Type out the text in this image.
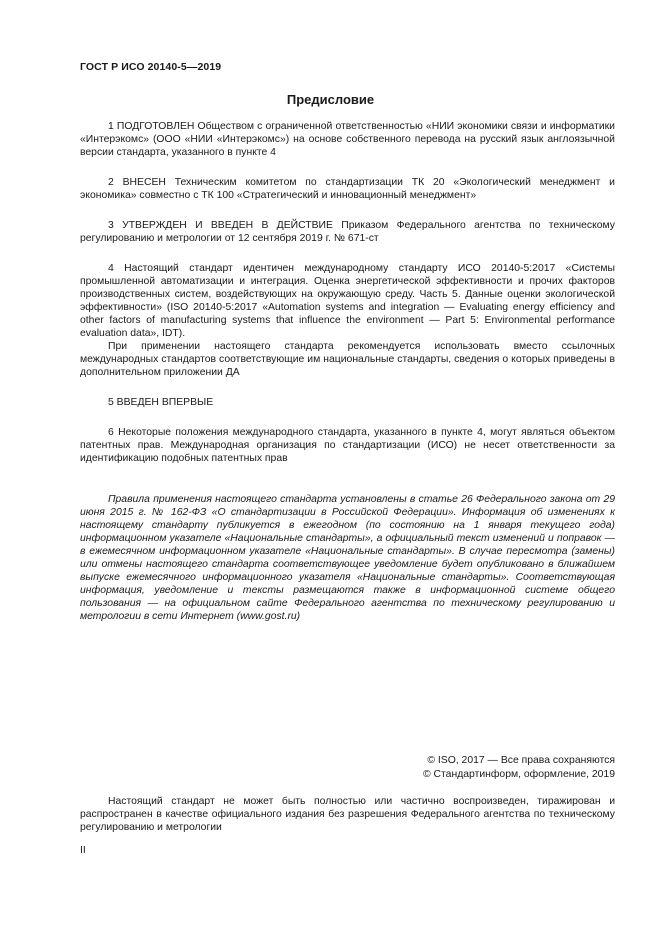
ГОСТ Р ИСО 20140-5—2019
Предисловие

1 ПОДГОТОВЛЕН Обществом с ограниченной ответственностью «НИИ экономики связи и информатики «Интерэкомс» (ООО «НИИ «Интерэкомс») на основе собственного перевода на русский язык англоязычной версии стандарта, указанного в пункте 4

2 ВНЕСЕН Техническим комитетом по стандартизации ТК 20 «Экологический менеджмент и экономика» совместно с ТК 100 «Стратегический и инновационный менеджмент»

3 УТВЕРЖДЕН И ВВЕДЕН В ДЕЙСТВИЕ Приказом Федерального агентства по техническому регулированию и метрологии от 12 сентября 2019 г. № 671-ст

4 Настоящий стандарт идентичен международному стандарту ИСО 20140-5:2017 «Системы промышленной автоматизации и интеграция. Оценка энергетической эффективности и прочих факторов производственных систем, воздействующих на окружающую среду. Часть 5. Данные оценки экологической эффективности» (ISO 20140-5:2017 «Automation systems and integration — Evaluating energy efficiency and other factors of manufacturing systems that influence the environment — Part 5: Environmental performance evaluation data», IDT).

При применении настоящего стандарта рекомендуется использовать вместо ссылочных международных стандартов соответствующие им национальные стандарты, сведения о которых приведены в дополнительном приложении ДА

5 ВВЕДЕН ВПЕРВЫЕ

6 Некоторые положения международного стандарта, указанного в пункте 4, могут являться объектом патентных прав. Международная организация по стандартизации (ИСО) не несет ответственности за идентификацию подобных патентных прав

Правила применения настоящего стандарта установлены в статье 26 Федерального закона от 29 июня 2015 г. № 162-ФЗ «О стандартизации в Российской Федерации». Информация об изменениях к настоящему стандарту публикуется в ежегодном (по состоянию на 1 января текущего года) информационном указателе «Национальные стандарты», а официальный текст изменений и поправок — в ежемесячном информационном указателе «Национальные стандарты». В случае пересмотра (замены) или отмены настоящего стандарта соответствующее уведомление будет опубликовано в ближайшем выпуске ежемесячного информационного указателя «Национальные стандарты». Соответствующая информация, уведомление и тексты размещаются также в информационной системе общего пользования — на официальном сайте Федерального агентства по техническому регулированию и метрологии в сети Интернет (www.gost.ru)

© ISO, 2017 — Все права сохраняются
© Стандартинформ, оформление, 2019

Настоящий стандарт не может быть полностью или частично воспроизведен, тиражирован и распространен в качестве официального издания без разрешения Федерального агентства по техническому регулированию и метрологии

II
